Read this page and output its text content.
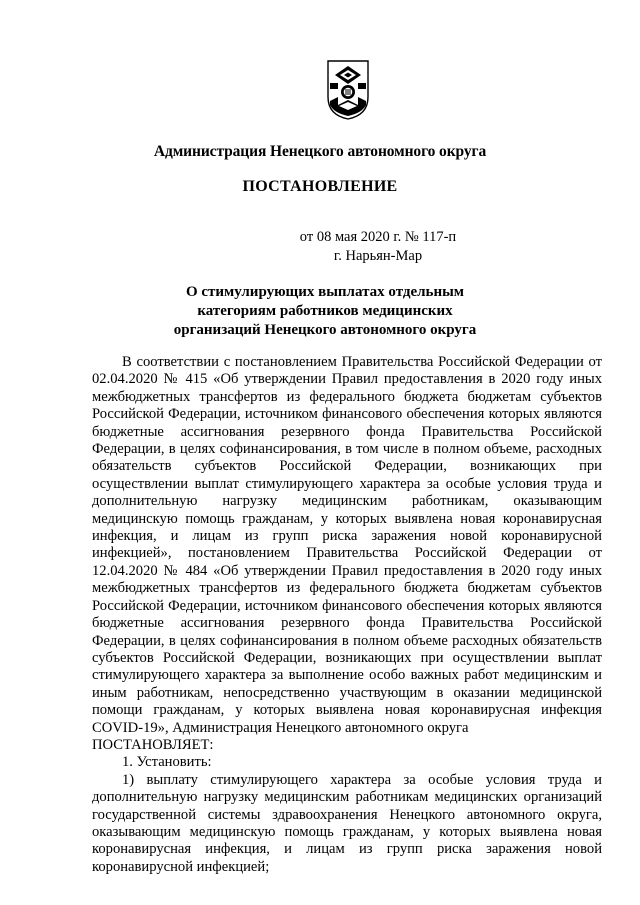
Администрация Ненецкого автономного округа
ПОСТАНОВЛЕНИЕ
от 08 мая 2020 г. № 117-п
г. Нарьян-Мар
О стимулирующих выплатах отдельным
категориям работников медицинских
организаций Ненецкого автономного округа

В соответствии с постановлением Правительства Российской Федерации от 02.04.2020 № 415 «Об утверждении Правил предоставления в 2020 году иных межбюджетных трансфертов из федерального бюджета бюджетам субъектов Российской Федерации, источником финансового обеспечения которых являются бюджетные ассигнования резервного фонда Правительства Российской Федерации, в целях софинансирования, в том числе в полном объеме, расходных обязательств субъектов Российской Федерации, возникающих при осуществлении выплат стимулирующего характера за особые условия труда и дополнительную нагрузку медицинским работникам, оказывающим медицинскую помощь гражданам, у которых выявлена новая коронавирусная инфекция, и лицам из групп риска заражения новой коронавирусной инфекцией», постановлением Правительства Российской Федерации от 12.04.2020 № 484 «Об утверждении Правил предоставления в 2020 году иных межбюджетных трансфертов из федерального бюджета бюджетам субъектов Российской Федерации, источником финансового обеспечения которых являются бюджетные ассигнования резервного фонда Правительства Российской Федерации, в целях софинансирования в полном объеме расходных обязательств субъектов Российской Федерации, возникающих при осуществлении выплат стимулирующего характера за выполнение особо важных работ медицинским и иным работникам, непосредственно участвующим в оказании медицинской помощи гражданам, у которых выявлена новая коронавирусная инфекция COVID-19», Администрация Ненецкого автономного округа

ПОСТАНОВЛЯЕТ:

1. Установить:

1) выплату стимулирующего характера за особые условия труда и дополнительную нагрузку медицинским работникам медицинских организаций государственной системы здравоохранения Ненецкого автономного округа, оказывающим медицинскую помощь гражданам, у которых выявлена новая коронавирусная инфекция, и лицам из групп риска заражения новой коронавирусной инфекцией;
